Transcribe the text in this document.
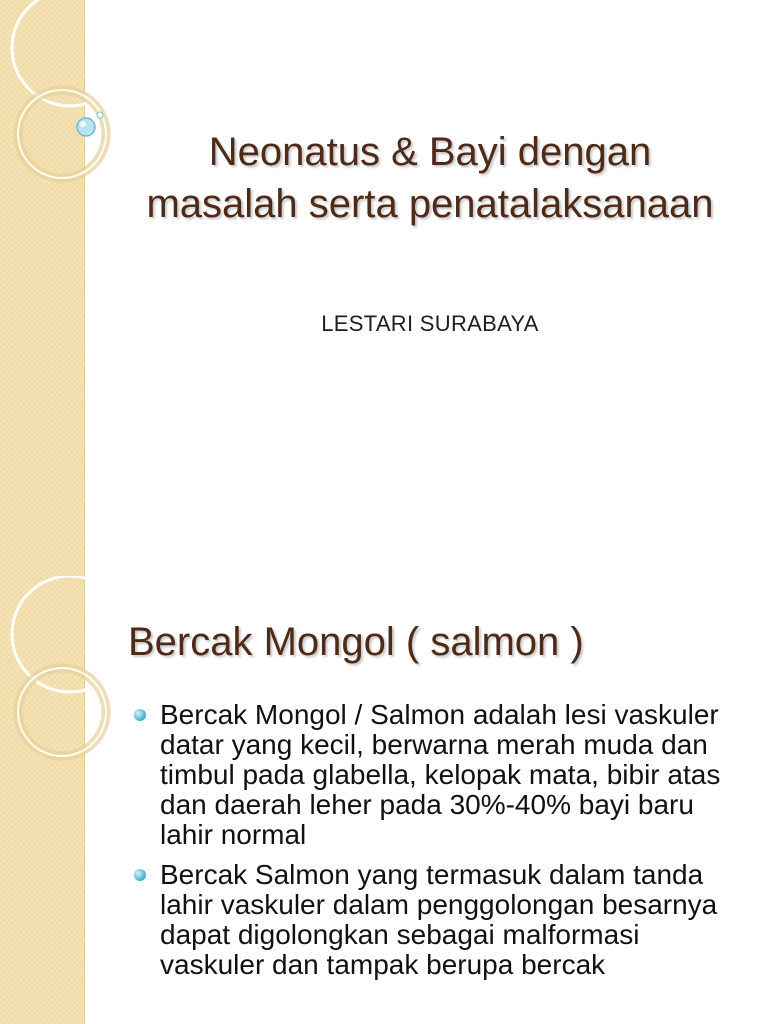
Neonatus & Bayi dengan masalah serta penatalaksanaan
LESTARI SURABAYA
Bercak Mongol ( salmon )
Bercak Mongol / Salmon adalah lesi vaskuler datar yang kecil, berwarna merah muda dan timbul pada glabella, kelopak mata, bibir atas dan daerah leher pada 30%-40% bayi baru lahir normal
Bercak Salmon yang termasuk dalam tanda lahir vaskuler dalam penggolongan besarnya dapat digolongkan sebagai malformasi vaskuler dan tampak berupa bercak
